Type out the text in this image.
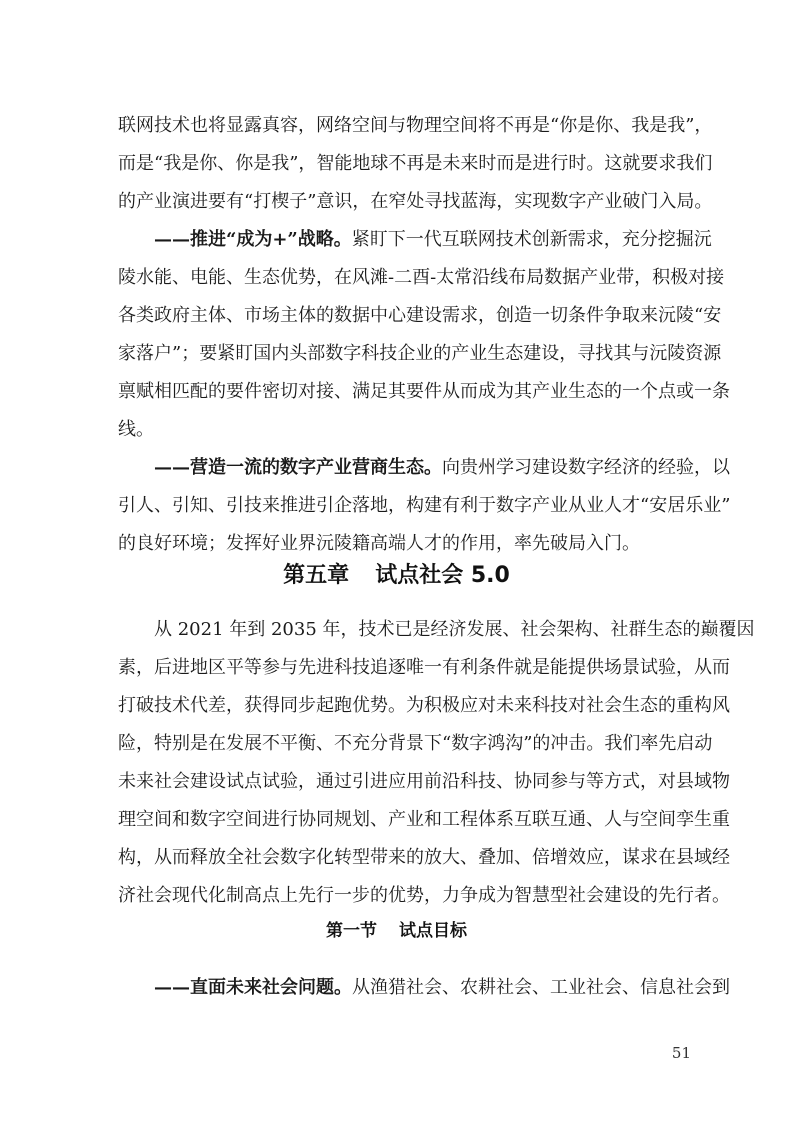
联网技术也将显露真容，网络空间与物理空间将不再是“你是你、我是我”，
而是“我是你、你是我”，智能地球不再是未来时而是进行时。这就要求我们
的产业演进要有“打楔子”意识，在窄处寻找蓝海，实现数字产业破门入局。
——推进“成为+”战略。紧盯下一代互联网技术创新需求，充分挖掘沅
陵水能、电能、生态优势，在风滩-二酉-太常沿线布局数据产业带，积极对接
各类政府主体、市场主体的数据中心建设需求，创造一切条件争取来沅陵“安
家落户”；要紧盯国内头部数字科技企业的产业生态建设，寻找其与沅陵资源
禀赋相匹配的要件密切对接、满足其要件从而成为其产业生态的一个点或一条
线。
——营造一流的数字产业营商生态。向贵州学习建设数字经济的经验，以
引人、引知、引技来推进引企落地，构建有利于数字产业从业人才“安居乐业”
的良好环境；发挥好业界沅陵籍高端人才的作用，率先破局入门。
第五章 试点社会 5.0
从 2021 年到 2035 年，技术已是经济发展、社会架构、社群生态的巅覆因
素，后进地区平等参与先进科技追逐唯一有利条件就是能提供场景试验，从而
打破技术代差，获得同步起跑优势。为积极应对未来科技对社会生态的重构风
险，特别是在发展不平衡、不充分背景下“数字鸿沟”的冲击。我们率先启动
未来社会建设试点试验，通过引进应用前沿科技、协同参与等方式，对县域物
理空间和数字空间进行协同规划、产业和工程体系互联互通、人与空间孪生重
构，从而释放全社会数字化转型带来的放大、叠加、倍增效应，谋求在县域经
济社会现代化制高点上先行一步的优势，力争成为智慧型社会建设的先行者。
第一节 试点目标
——直面未来社会问题。从渔猎社会、农耕社会、工业社会、信息社会到
51
